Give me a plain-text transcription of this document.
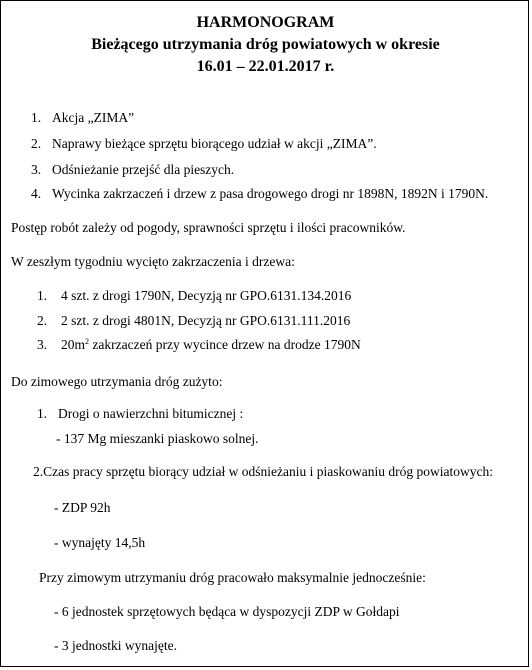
HARMONOGRAM

Bieżącego utrzymania dróg powiatowych w okresie

16.01 – 22.01.2017 r.

1. Akcja „ZIMA”
2. Naprawy bieżące sprzętu biorącego udział w akcji „ZIMA”.
3. Odśnieżanie przejść dla pieszych.
4. Wycinka zakrzaczeń i drzew z pasa drogowego drogi nr 1898N, 1892N i 1790N.
Postęp robót zależy od pogody, sprawności sprzętu i ilości pracowników.
W zeszłym tygodniu wycięto zakrzaczenia i drzewa:
1. 4 szt. z drogi 1790N, Decyzją nr GPO.6131.134.2016
2. 2 szt. z drogi 4801N, Decyzją nr GPO.6131.111.2016
3. $20m^2$ zakrzaczeń przy wycince drzew na drodze 1790N
Do zimowego utrzymania dróg zużyto:
1. Drogi o nawierzchni bitumicznej :
- 137 Mg mieszanki piaskowo solnej.
2.Czas pracy sprzętu biorący udział w odśnieżaniu i piaskowaniu dróg powiatowych:
- ZDP 92h
- wynajęty 14,5h
Przy zimowym utrzymaniu dróg pracowało maksymalnie jednocześnie:
- 6 jednostek sprzętowych będąca w dyspozycji ZDP w Gołdapi
- 3 jednostki wynajęte.
